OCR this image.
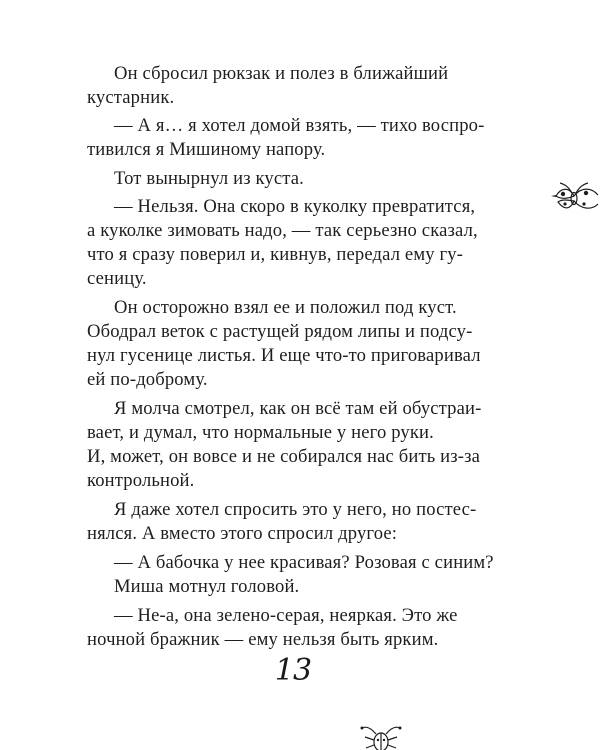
Он сбросил рюкзак и полез в ближайший
кустарник.
— А я… я хотел домой взять, — тихо воспро-
тивился я Мишиному напору.
Тот вынырнул из куста.
— Нельзя. Она скоро в куколку превратится,
а куколке зимовать надо, — так серьезно сказал,
что я сразу поверил и, кивнув, передал ему гу-
сеницу.
Он осторожно взял ее и положил под куст.
Ободрал веток с растущей рядом липы и подсу-
нул гусенице листья. И еще что-то приговаривал
ей по-доброму.
Я молча смотрел, как он всё там ей обустраи-
вает, и думал, что нормальные у него руки.
И, может, он вовсе и не собирался нас бить из-за
контрольной.
Я даже хотел спросить это у него, но постес-
нялся. А вместо этого спросил другое:
— А бабочка у нее красивая? Розовая с синим?
Миша мотнул головой.
— Не-а, она зелено-серая, неяркая. Это же
ночной бражник — ему нельзя быть ярким.
13
